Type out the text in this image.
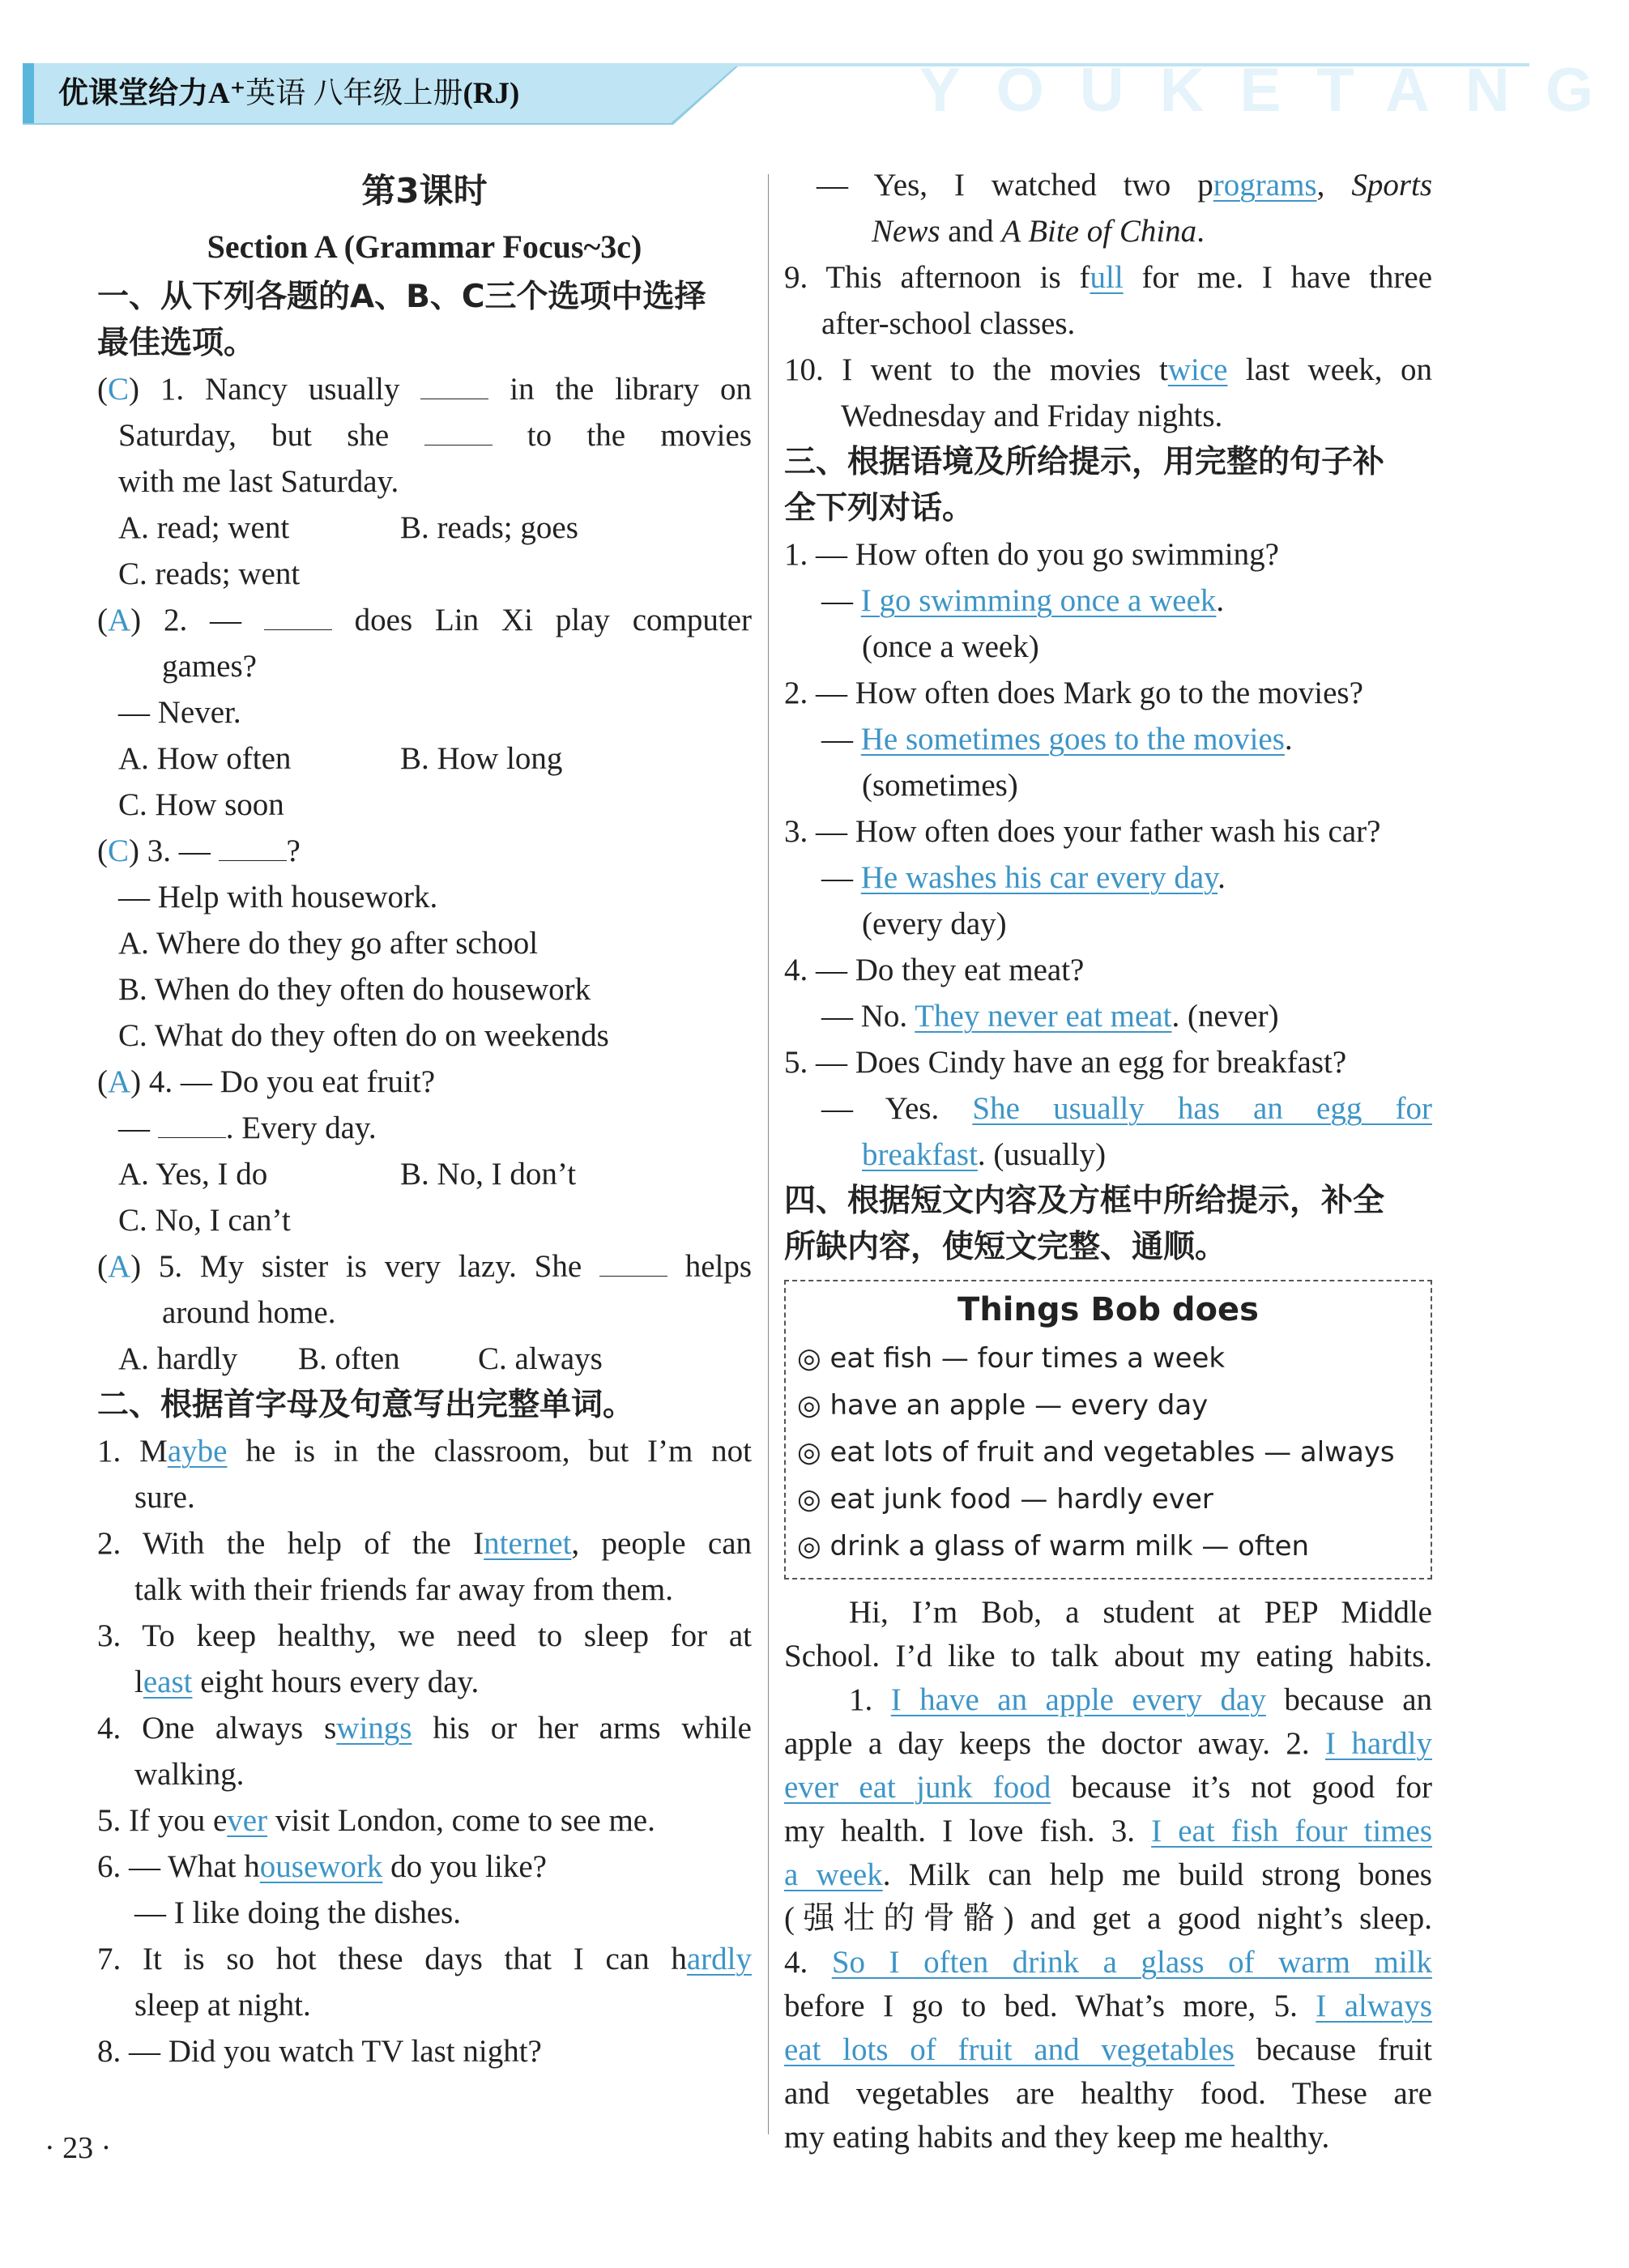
YOUKETANG
优课堂给力A⁺英语 八年级上册(RJ)
第3课时
Section A (Grammar Focus~3c)
一、从下列各题的A、B、C三个选项中选择
最佳选项。
(C) 1. Nancy usually	in the library on
Saturday, but she	to the movies
with me last Saturday.
A. read; went	B. reads; goes
C. reads; went
(A) 2. —	does Lin Xi play computer
games?
— Never.
A. How often	B. How long
C. How soon
(C) 3. — ?
— Help with housework.
A. Where do they go after school
B. When do they often do housework
C. What do they often do on weekends
(A) 4. — Do you eat fruit?
— . Every day.
A. Yes, I do	B. No, I don’t
C. No, I can’t
(A) 5. My sister is very lazy. She	helps
around home.
A. hardly	B. often	C. always
二、根据首字母及句意写出完整单词。
1. Maybe he is in the classroom, but I’m not
sure.
2. With the help of the Internet, people can
talk with their friends far away from them.
3. To keep healthy, we need to sleep for at
least eight hours every day.
4. One always swings his or her arms while
walking.
5. If you ever visit London, come to see me.
6. — What housework do you like?
— I like doing the dishes.
7. It is so hot these days that I can hardly
sleep at night.
8. — Did you watch TV last night?
— Yes, I watched two programs, Sports
News and A Bite of China.
9. This afternoon is full for me. I have three
after-school classes.
10. I went to the movies twice last week, on
Wednesday and Friday nights.
三、根据语境及所给提示，用完整的句子补
全下列对话。
1. — How often do you go swimming?
— I go swimming once a week.
(once a week)
2. — How often does Mark go to the movies?
— He sometimes goes to the movies.
(sometimes)
3. — How often does your father wash his car?
— He washes his car every day.
(every day)
4. — Do they eat meat?
— No. They never eat meat. (never)
5. — Does Cindy have an egg for breakfast?
— Yes. She usually has an egg for
breakfast. (usually)
四、根据短文内容及方框中所给提示，补全
所缺内容，使短文完整、通顺。
Things Bob does
◎ eat fish — four times a week
◎ have an apple — every day
◎ eat lots of fruit and vegetables — always
◎ eat junk food — hardly ever
◎ drink a glass of warm milk — often
Hi, I’m Bob, a student at PEP Middle
School. I’d like to talk about my eating habits.
1. I have an apple every day because an
apple a day keeps the doctor away. 2. I hardly
ever eat junk food because it’s not good for
my health. I love fish. 3. I eat fish four times
a week. Milk can help me build strong bones
(强壮的骨骼) and get a good night’s sleep.
4. So I often drink a glass of warm milk
before I go to bed. What’s more, 5. I always
eat lots of fruit and vegetables because fruit
and vegetables are healthy food. These are
my eating habits and they keep me healthy.
· 23 ·
